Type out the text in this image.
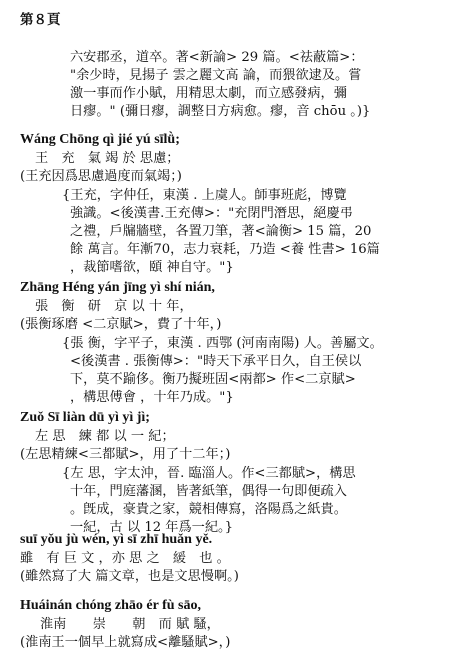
第８頁
六安郡丞，道卒。著<新論> 29 篇。<祛蔽篇>：
"余少時，見揚子 雲之麗文高 論，而猥欲逮及。嘗
激一事而作小賦，用精思太劇，而立感發病，彌
日瘳。" (彌日瘳，調整日方病愈。瘳，音 chōu 。)}
Wáng Chōng qì jié yú sīlǜ;
王　充　氣 竭 於 思慮；
(王充因爲思慮過度而氣竭；)
{王充，字仲任，東漢 . 上虞人。師事班彪，博覽
強識。<後漢書.王充傳>："充閉門潛思，絕慶弔
之禮，戶牖牆壁，各置刀筆，著<論衡> 15 篇，20
餘 萬言。年漸70，志力衰耗，乃造 <養 性書> 16篇
，裁節嗜欲，頤 神自守。"}
Zhāng Héng yán jīng yì shí nián,
張　衡　研　京 以 十 年，
(張衡琢磨 <二京賦>，費了十年，)
{張 衡，字平子，東漢 . 西鄂 (河南南陽) 人。善屬文。
<後漢書 . 張衡傳>："時天下承平日久，自王侯以
下，莫不踰侈。衡乃擬班固<兩都> 作<二京賦>
，構思傅會 ，十年乃成。"}
Zuǒ Sī liàn dū yì yì jì;
左 思　練 都 以 一 紀；
(左思精練<三都賦>，用了十二年；)
{左 思，字太沖，晉. 臨淄人。作<三都賦>，構思
十年，門庭藩溷，皆著紙筆，偶得一句即便疏入
。旣成，豪貴之家，競相傳寫，洛陽爲之紙貴。
一紀，古 以 12 年爲一紀。}
suī yǒu jù wén, yì sī zhī huǎn yě.
雖　有 巨 文 ，亦 思 之　緩　也 。
(雖然寫了大 篇文章，也是文思慢啊。)
Huáinán chóng zhāo ér fù sāo,
淮南　　崇　　朝　而 賦 騷，
(淮南王一個早上就寫成<離騷賦>，)
